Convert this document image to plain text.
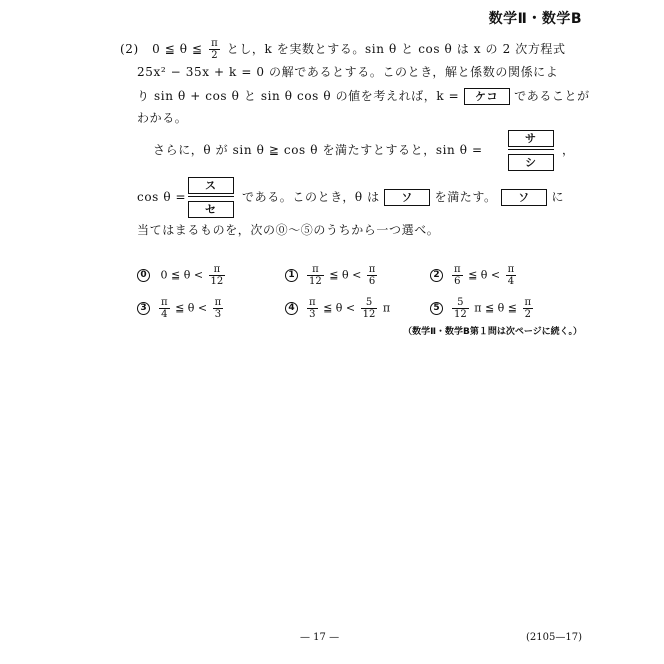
数学Ⅱ・数学B
(2) 0 ≦ θ ≦ $\frac{\pi}{2}$ とし，k を実数とする。sin θ と cos θ は x の 2 次方程式
25x² − 35x + k = 0 の解であるとする。このとき，解と係数の関係によ
り sin θ + cos θ と sin θ cos θ の値を考えれば，k = ケコ であることが
わかる。
さらに，θ が sin θ ≧ cos θ を満たすとすると，sin θ =
サ
シ
，
cos θ =
ス
セ
である。このとき，θ は ソ を満たす。 ソ に
当てはまるものを，次の⓪～⑤のうちから一つ選べ。
0 0 ≦ $\theta < \frac{\pi}{12}$	$1 \frac{\pi}{12}$ ≦ $\theta < \frac{\pi}{6}$	$2 \frac{\pi}{6}$ ≦ $\theta < \frac{\pi}{4}$
$3 \frac{\pi}{4}$ ≦ $\theta < \frac{\pi}{3}$	$4 \frac{\pi}{3}$ ≦ $\theta < \frac{5}{12}$ π	$5 \frac{5}{12}$ π ≦ θ ≦ $\frac{\pi}{2}$
（数学Ⅱ・数学B第１問は次ページに続く。）
— 17 —	(2105—17)
